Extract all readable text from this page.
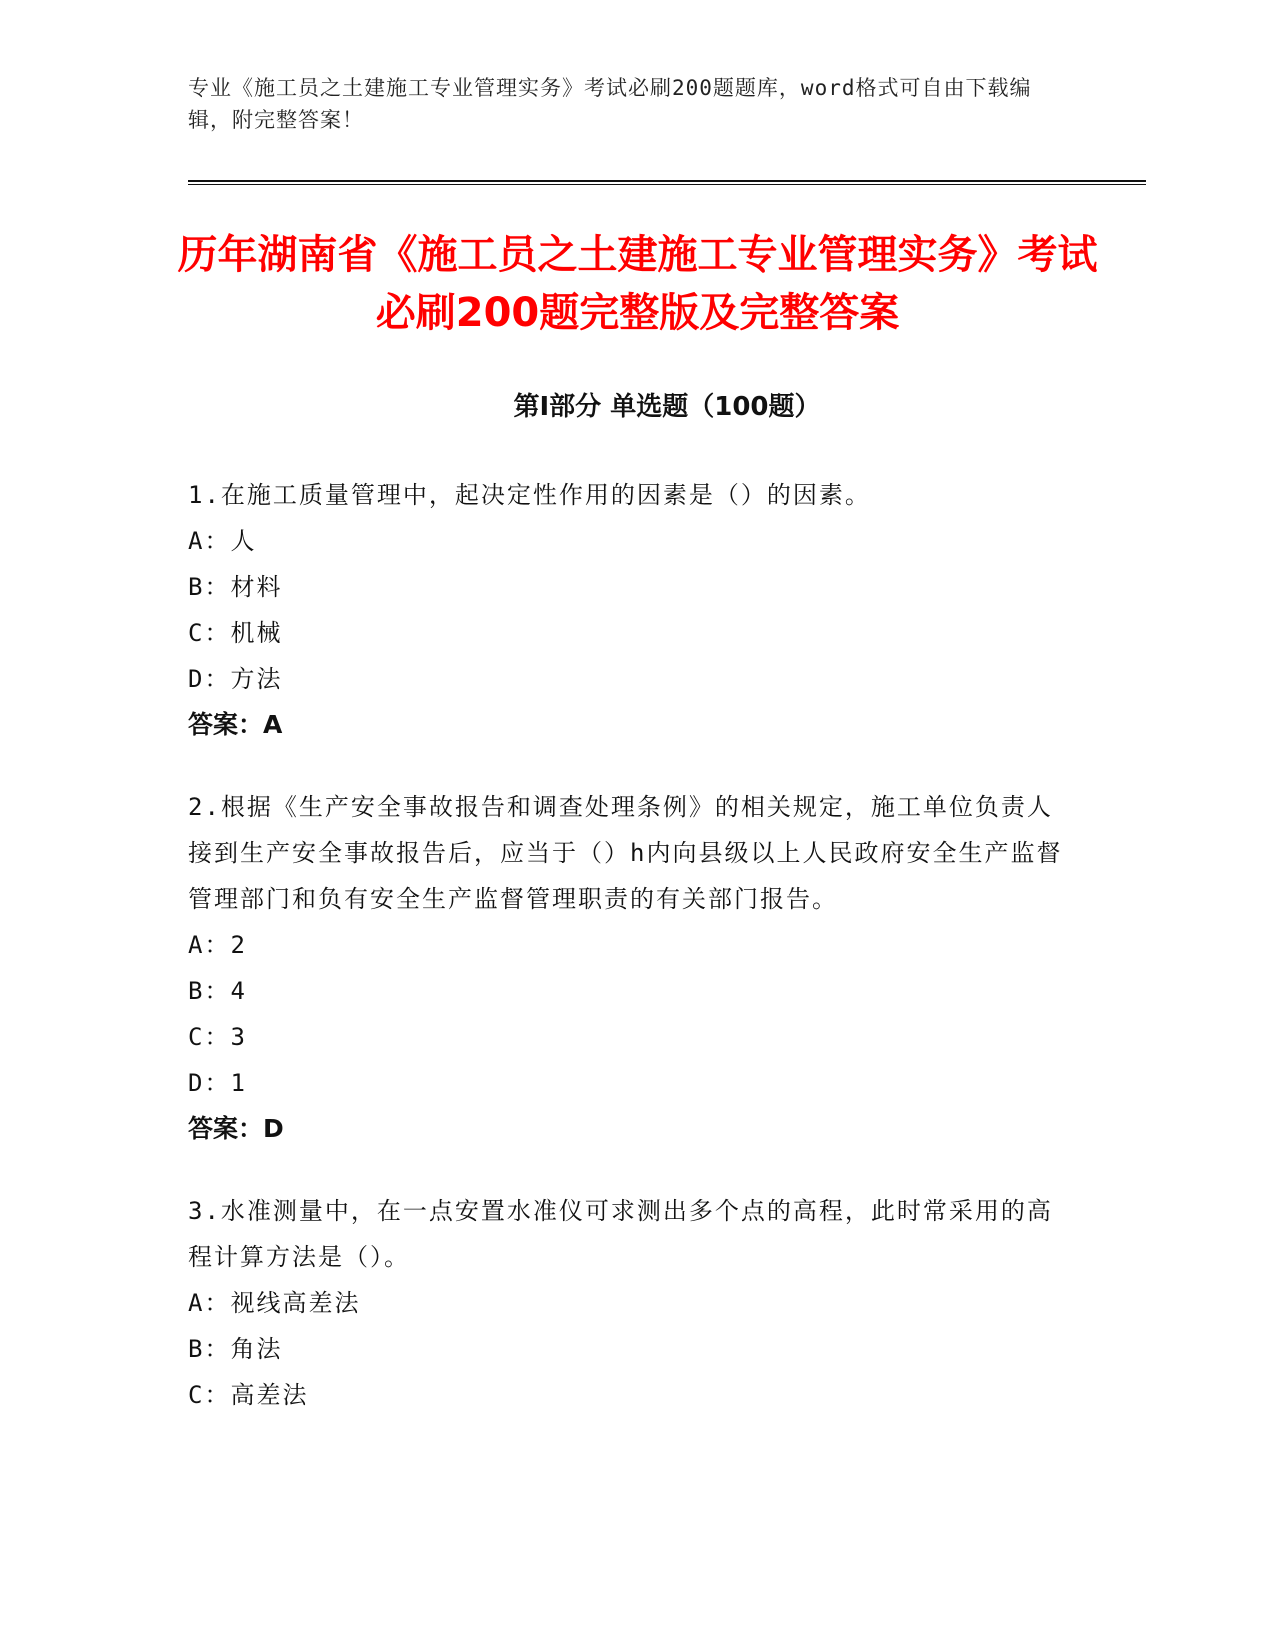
专业《施工员之土建施工专业管理实务》考试必刷200题题库，word格式可自由下载编辑，附完整答案！
历年湖南省《施工员之土建施工专业管理实务》考试必刷200题完整版及完整答案
第Ⅰ部分 单选题（100题）
1.在施工质量管理中，起决定性作用的因素是（）的因素。
A：人
B：材料
C：机械
D：方法
答案：A
2.根据《生产安全事故报告和调查处理条例》的相关规定，施工单位负责人接到生产安全事故报告后，应当于（）h内向县级以上人民政府安全生产监督管理部门和负有安全生产监督管理职责的有关部门报告。
A：2
B：4
C：3
D：1
答案：D
3.水准测量中，在一点安置水准仪可求测出多个点的高程，此时常采用的高程计算方法是（）。
A：视线高差法
B：角法
C：高差法
